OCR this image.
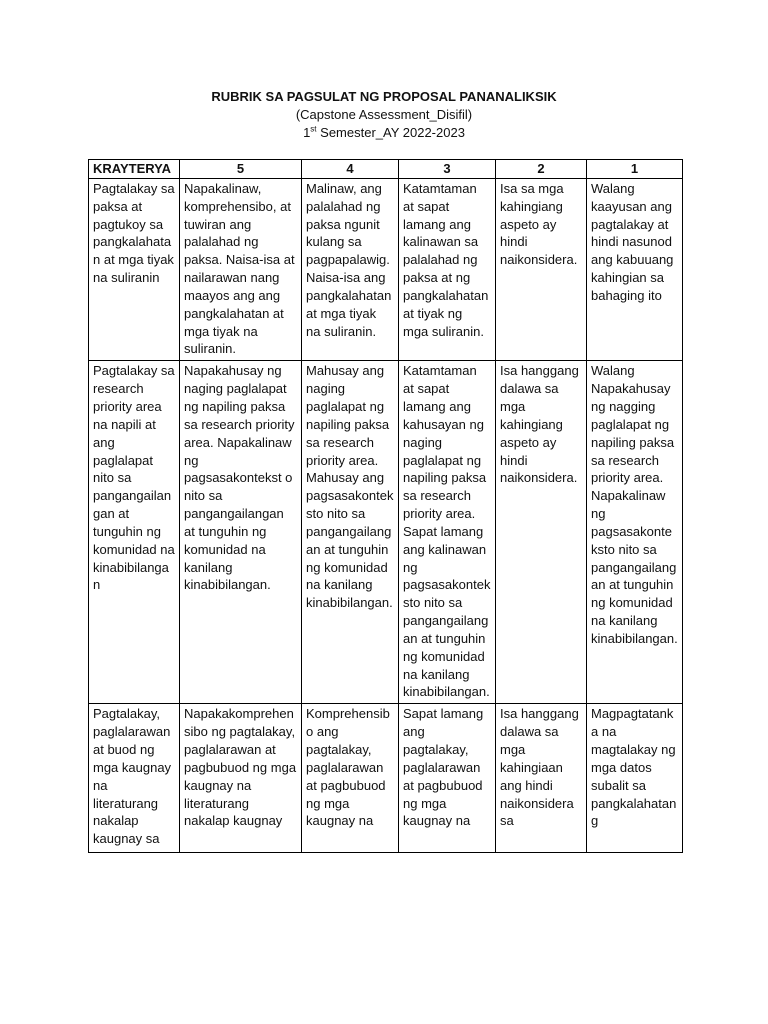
RUBRIK SA PAGSULAT NG PROPOSAL PANANALIKSIK
(Capstone Assessment_Disifil)
1st Semester_AY 2022-2023
KRAYTERYA	5	4	3	2	1

Pagtalakay sa paksa at pagtukoy sa pangkalahatan at mga tiyak na suliranin	Napakalinaw, komprehensibo, at tuwiran ang palalahad ng paksa. Naisa-isa at nailarawan nang maayos ang ang pangkalahatan at mga tiyak na suliranin.	Malinaw, ang palalahad ng paksa ngunit kulang sa pagpapalawig. Naisa-isa ang pangkalahatan at mga tiyak na suliranin.	Katamtaman at sapat lamang ang kalinawan sa palalahad ng paksa at ng pangkalahatan at tiyak ng mga suliranin.	Isa sa mga kahingiang aspeto ay hindi naikonsidera.	Walang kaayusan ang pagtalakay at hindi nasunod ang kabuuang kahingian sa bahaging ito

Pagtalakay sa research priority area na napili at ang paglalapat nito sa pangangailangan at tunguhin ng komunidad na kinabibilangan	Napakahusay ng naging paglalapat ng napiling paksa sa research priority area. Napakalinaw ng pagsasakontekst o nito sa pangangailangan at tunguhin ng komunidad na kanilang kinabibilangan.	Mahusay ang naging paglalapat ng napiling paksa sa research priority area. Mahusay ang pagsasakonteksto nito sa pangangailangan at tunguhin ng komunidad na kanilang kinabibilangan.	Katamtaman at sapat lamang ang kahusayan ng naging paglalapat ng napiling paksa sa research priority area. Sapat lamang ang kalinawan ng pagsasakonteksto nito sa pangangailangan at tunguhin ng komunidad na kanilang kinabibilangan.	Isa hanggang dalawa sa mga kahingiang aspeto ay hindi naikonsidera.	Walang Napakahusay ng nagging paglalapat ng napiling paksa sa research priority area. Napakalinaw ng pagsasakonteksto nito sa pangangailangan at tunguhin ng komunidad na kanilang kinabibilangan.

Pagtalakay, paglalarawan at buod ng mga kaugnay na literaturang nakalap kaugnay sa	Napakakomprehensibo ng pagtalakay, paglalarawan at pagbubuod ng mga kaugnay na literaturang nakalap kaugnay	Komprehensibo ang pagtalakay, paglalarawan at pagbubuod ng mga kaugnay na	Sapat lamang ang pagtalakay, paglalarawan at pagbubuod ng mga kaugnay na	Isa hanggang dalawa sa mga kahingiaan ang hindi naikonsidera sa	Magpagtatanka na magtalakay ng mga datos subalit sa pangkalahatang
